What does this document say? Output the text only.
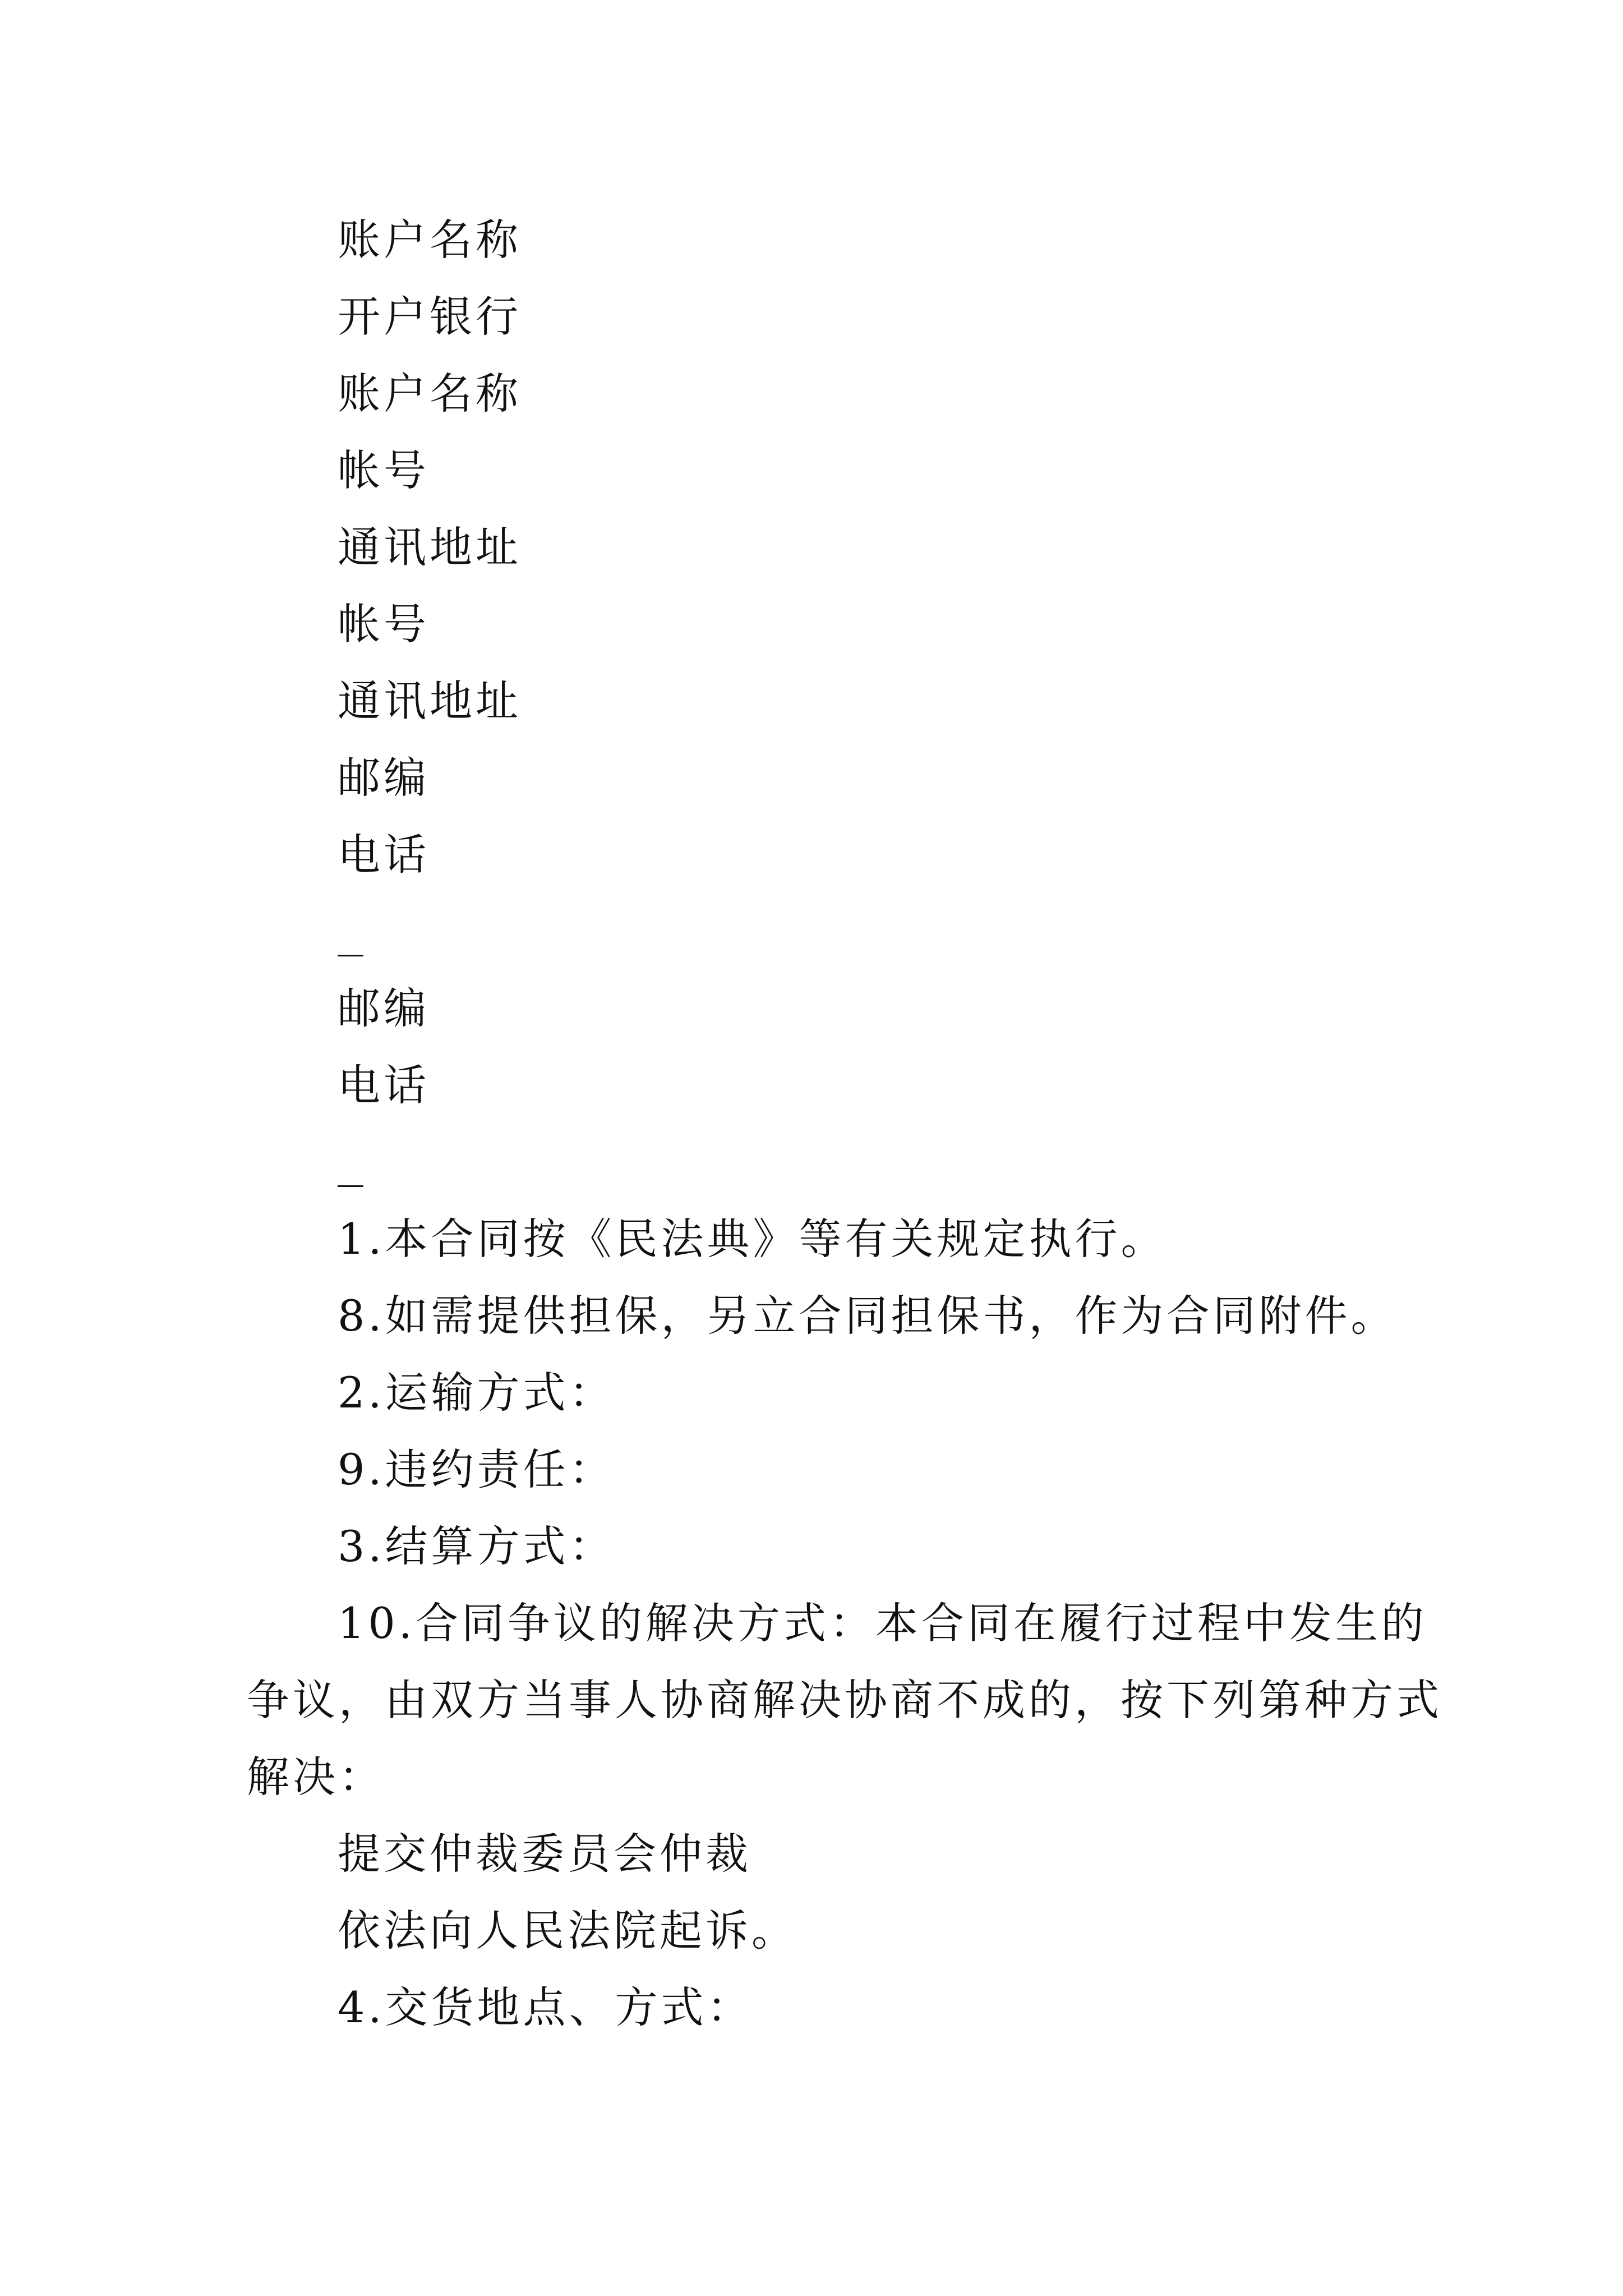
账户名称
开户银行
账户名称
帐号
通讯地址
帐号
通讯地址
邮编
电话
_
邮编
电话
_
1.本合同按《民法典》等有关规定执行。
8.如需提供担保，另立合同担保书，作为合同附件。
2.运输方式：
9.违约责任：
3.结算方式：
10.合同争议的解决方式：本合同在履行过程中发生的
争议，由双方当事人协商解决协商不成的，按下列第种方式
解决：
提交仲裁委员会仲裁
依法向人民法院起诉。
4.交货地点、方式：
